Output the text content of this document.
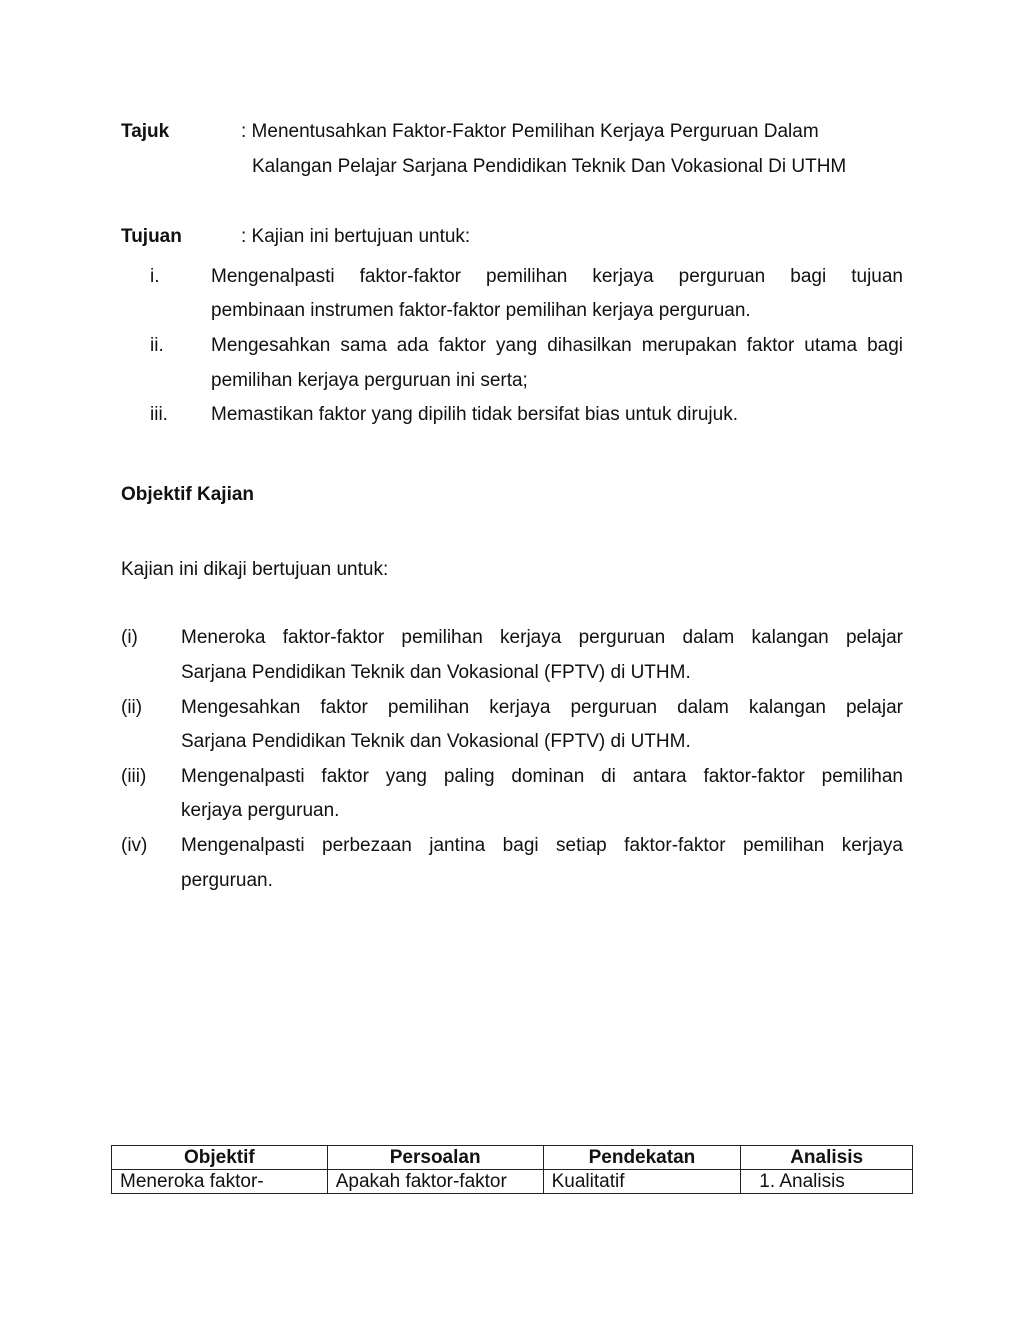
Tajuk	: Menentusahkan Faktor-Faktor Pemilihan Kerjaya Perguruan Dalam
Kalangan Pelajar Sarjana Pendidikan Teknik Dan Vokasional Di UTHM
Tujuan	: Kajian ini bertujuan untuk:
i.	Mengenalpasti faktor-faktor pemilihan kerjaya perguruan bagi tujuan
pembinaan instrumen faktor-faktor pemilihan kerjaya perguruan.
ii. Mengesahkan sama ada faktor yang dihasilkan merupakan faktor utama bagi
pemilihan kerjaya perguruan ini serta;
iii. Memastikan faktor yang dipilih tidak bersifat bias untuk dirujuk.
Objektif Kajian
Kajian ini dikaji bertujuan untuk:
(i) Meneroka faktor-faktor pemilihan kerjaya perguruan dalam kalangan pelajar
Sarjana Pendidikan Teknik dan Vokasional (FPTV) di UTHM.
(ii) Mengesahkan faktor pemilihan kerjaya perguruan dalam kalangan pelajar
Sarjana Pendidikan Teknik dan Vokasional (FPTV) di UTHM.
(iii) Mengenalpasti faktor yang paling dominan di antara faktor-faktor pemilihan
kerjaya perguruan.
(iv) Mengenalpasti perbezaan jantina bagi setiap faktor-faktor pemilihan kerjaya
perguruan.
Objektif	Persoalan	Pendekatan	Analisis
Meneroka faktor-	Apakah faktor-faktor	Kualitatif	1. Analisis
